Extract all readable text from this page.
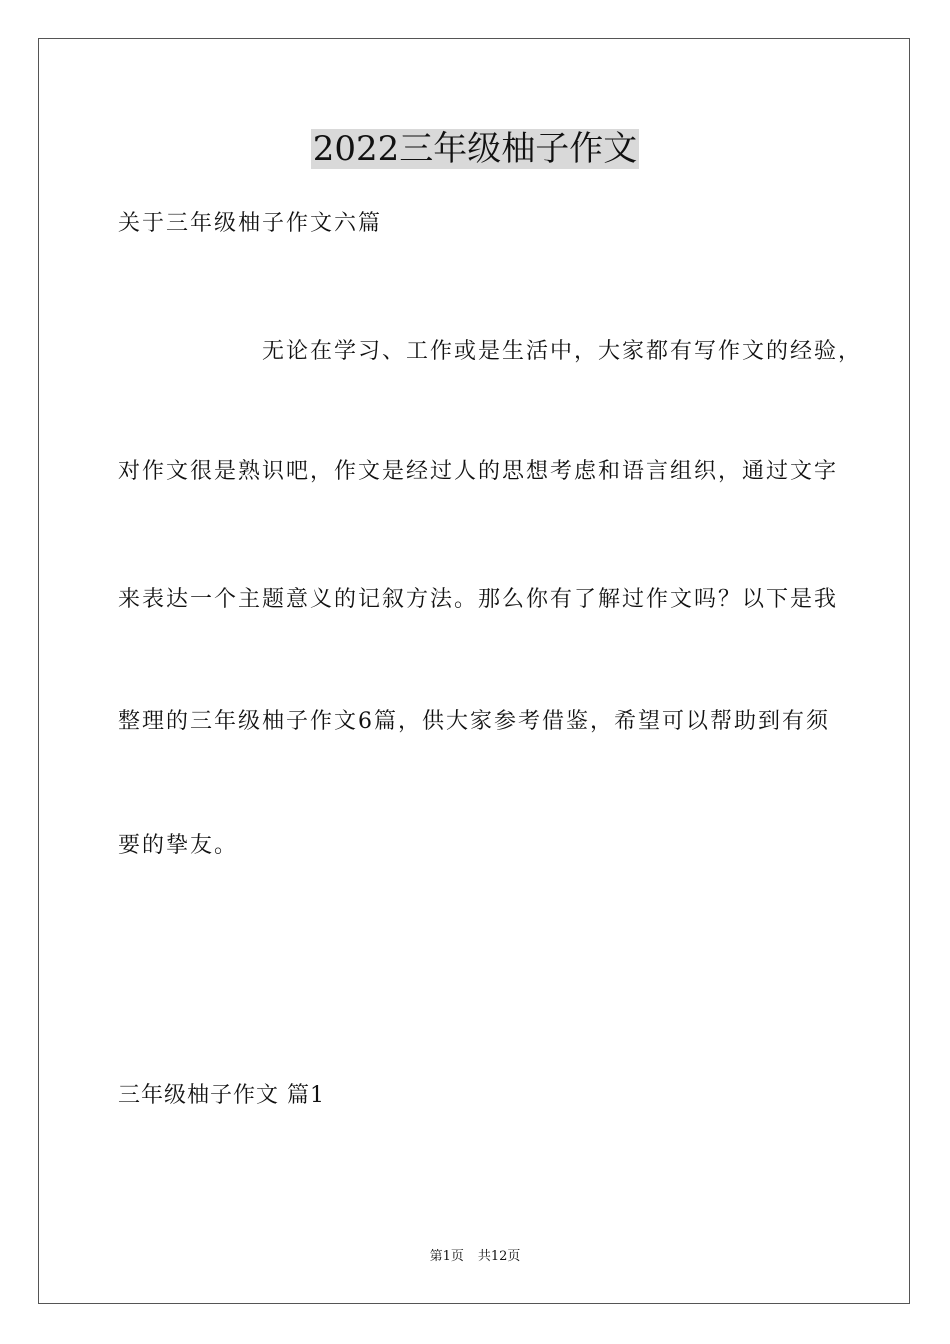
2022三年级柚子作文

关于三年级柚子作文六篇

无论在学习、工作或是生活中，大家都有写作文的经验，

对作文很是熟识吧，作文是经过人的思想考虑和语言组织，通过文字

来表达一个主题意义的记叙方法。那么你有了解过作文吗？以下是我

整理的三年级柚子作文6篇，供大家参考借鉴，希望可以帮助到有须

要的挚友。

三年级柚子作文 篇1

第1页 共12页
